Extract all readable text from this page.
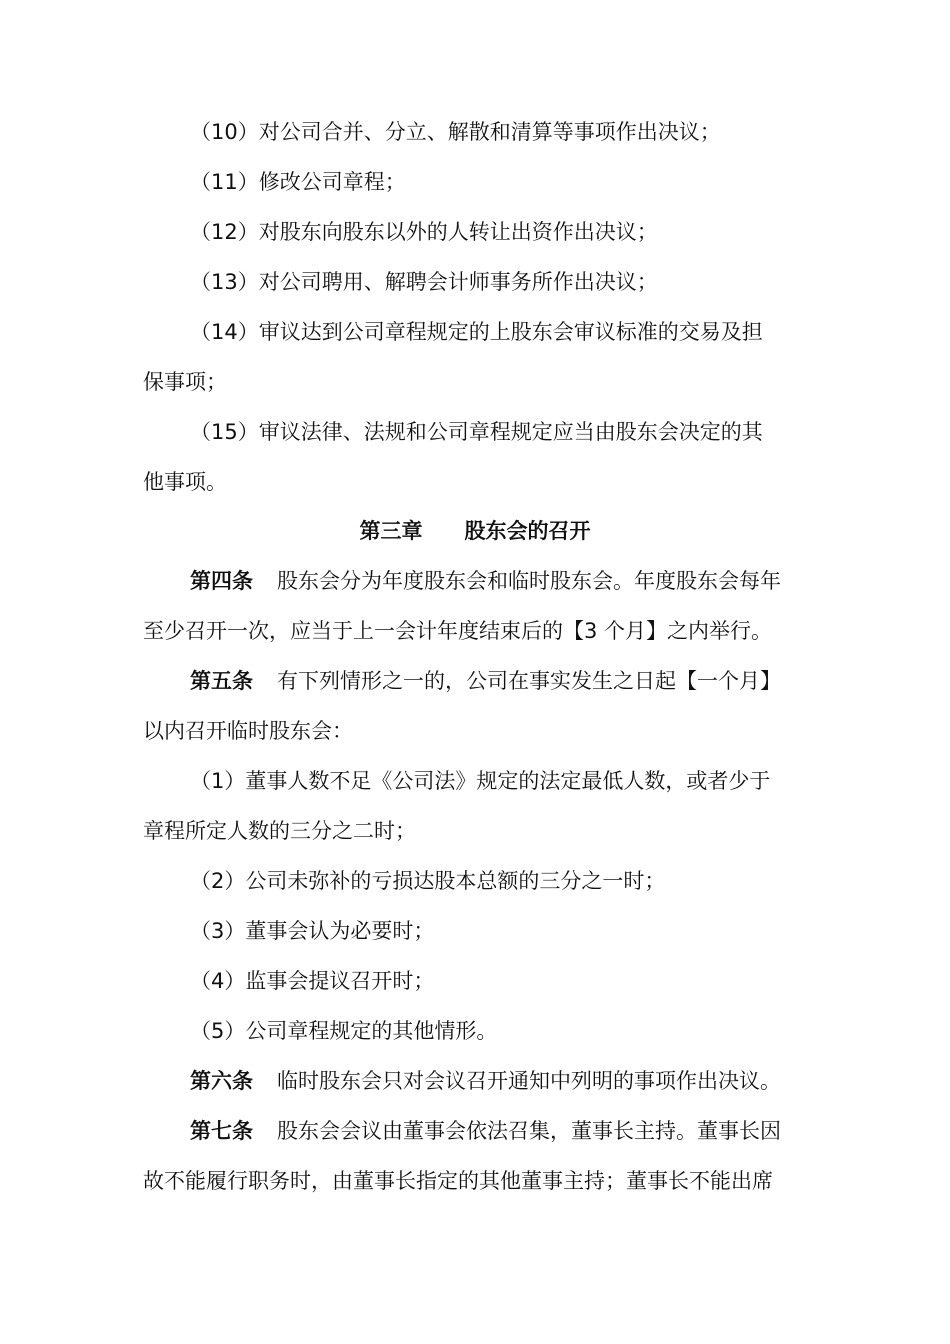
（10）对公司合并、分立、解散和清算等事项作出决议；
（11）修改公司章程；
（12）对股东向股东以外的人转让出资作出决议；
（13）对公司聘用、解聘会计师事务所作出决议；
（14）审议达到公司章程规定的上股东会审议标准的交易及担
保事项；
（15）审议法律、法规和公司章程规定应当由股东会决定的其
他事项。
第三章 股东会的召开
第四条 股东会分为年度股东会和临时股东会。年度股东会每年
至少召开一次，应当于上一会计年度结束后的【3 个月】之内举行。
第五条 有下列情形之一的，公司在事实发生之日起【一个月】
以内召开临时股东会：
（1）董事人数不足《公司法》规定的法定最低人数，或者少于
章程所定人数的三分之二时；
（2）公司未弥补的亏损达股本总额的三分之一时；
（3）董事会认为必要时；
（4）监事会提议召开时；
（5）公司章程规定的其他情形。
第六条 临时股东会只对会议召开通知中列明的事项作出决议。
第七条 股东会会议由董事会依法召集，董事长主持。董事长因
故不能履行职务时，由董事长指定的其他董事主持；董事长不能出席
